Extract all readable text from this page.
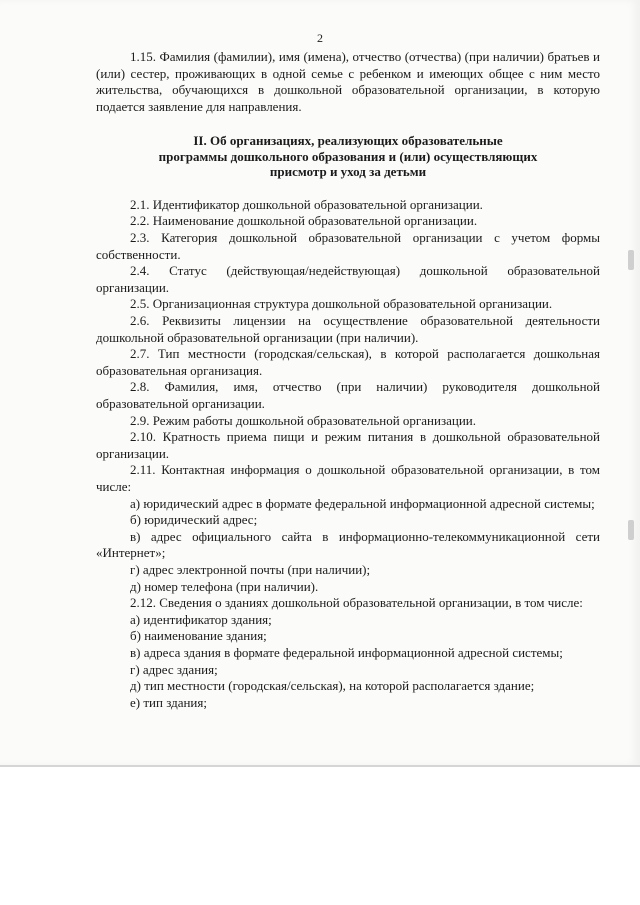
2

1.15. Фамилия (фамилии), имя (имена), отчество (отчества) (при наличии) братьев и (или) сестер, проживающих в одной семье с ребенком и имеющих общее с ним место жительства, обучающихся в дошкольной образовательной организации, в которую подается заявление для направления.

II. Об организациях, реализующих образовательные
программы дошкольного образования и (или) осуществляющих
присмотр и уход за детьми

2.1. Идентификатор дошкольной образовательной организации.

2.2. Наименование дошкольной образовательной организации.

2.3. Категория дошкольной образовательной организации с учетом формы собственности.

2.4. Статус (действующая/недействующая) дошкольной образовательной организации.

2.5. Организационная структура дошкольной образовательной организации.

2.6. Реквизиты лицензии на осуществление образовательной деятельности дошкольной образовательной организации (при наличии).

2.7. Тип местности (городская/сельская), в которой располагается дошкольная образовательная организация.

2.8. Фамилия, имя, отчество (при наличии) руководителя дошкольной образовательной организации.

2.9. Режим работы дошкольной образовательной организации.

2.10. Кратность приема пищи и режим питания в дошкольной образовательной организации.

2.11. Контактная информация о дошкольной образовательной организации, в том числе:

а) юридический адрес в формате федеральной информационной адресной системы;

б) юридический адрес;

в) адрес официального сайта в информационно-телекоммуникационной сети «Интернет»;

г) адрес электронной почты (при наличии);

д) номер телефона (при наличии).

2.12. Сведения о зданиях дошкольной образовательной организации, в том числе:

а) идентификатор здания;

б) наименование здания;

в) адреса здания в формате федеральной информационной адресной системы;

г) адрес здания;

д) тип местности (городская/сельская), на которой располагается здание;

е) тип здания;
